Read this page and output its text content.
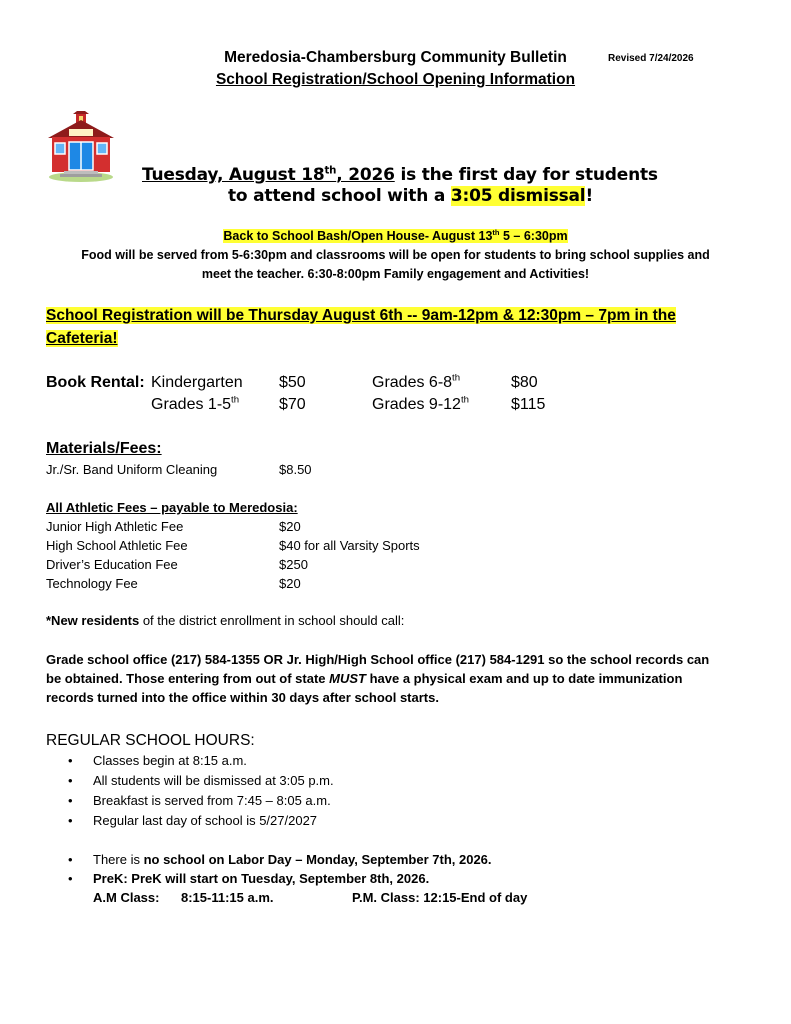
Meredosia-Chambersburg Community Bulletin	Revised 7/24/2026
School Registration/School Opening Information
Tuesday, August 18th, 2026 is the first day for students
to attend school with a 3:05 dismissal!
Back to School Bash/Open House- August 13th 5 – 6:30pm
Food will be served from 5-6:30pm and classrooms will be open for students to bring school supplies and
meet the teacher. 6:30-8:00pm Family engagement and Activities!
School Registration will be Thursday August 6th -- 9am-12pm & 12:30pm – 7pm in the
Cafeteria!
Book Rental: Kindergarten $50	Grades 6-8th	$80
Grades 1-5th $70	Grades 9-12th	$115
Materials/Fees:
Jr./Sr. Band Uniform Cleaning	$8.50
All Athletic Fees – payable to Meredosia:
Junior High Athletic Fee	$20
High School Athletic Fee	$40 for all Varsity Sports
Driver’s Education Fee	$250
Technology Fee	$20
*New residents of the district enrollment in school should call:
Grade school office (217) 584-1355 OR Jr. High/High School office (217) 584-1291 so the school records can
be obtained. Those entering from out of state MUST have a physical exam and up to date immunization
records turned into the office within 30 days after school starts.
REGULAR SCHOOL HOURS:
• Classes begin at 8:15 a.m.
• All students will be dismissed at 3:05 p.m.
• Breakfast is served from 7:45 – 8:05 a.m.
• Regular last day of school is 5/27/2027
• There is no school on Labor Day – Monday, September 7th, 2026.
• PreK: PreK will start on Tuesday, September 8th, 2026.
A.M Class: 8:15-11:15 a.m.	P.M. Class: 12:15-End of day
